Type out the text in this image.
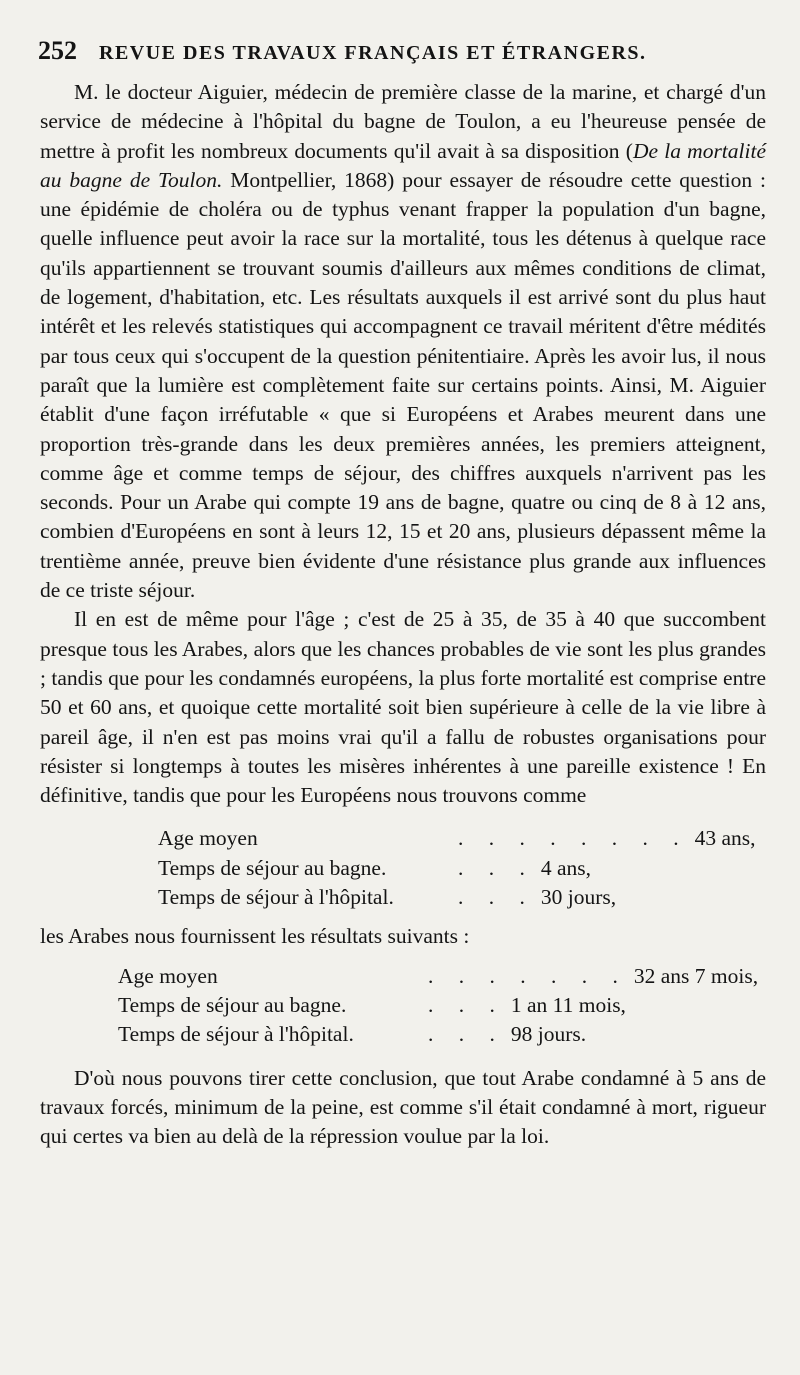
252 REVUE DES TRAVAUX FRANÇAIS ET ÉTRANGERS.

M. le docteur Aiguier, médecin de première classe de la marine, et chargé d'un service de médecine à l'hôpital du bagne de Toulon, a eu l'heureuse pensée de mettre à profit les nombreux documents qu'il avait à sa disposition (De la mortalité au bagne de Toulon. Montpellier, 1868) pour essayer de résoudre cette question : une épidémie de choléra ou de typhus venant frapper la population d'un bagne, quelle influence peut avoir la race sur la mortalité, tous les détenus à quelque race qu'ils appartiennent se trouvant soumis d'ailleurs aux mêmes conditions de climat, de logement, d'habitation, etc. Les résultats auxquels il est arrivé sont du plus haut intérêt et les relevés statistiques qui accompagnent ce travail méritent d'être médités par tous ceux qui s'occupent de la question pénitentiaire. Après les avoir lus, il nous paraît que la lumière est complètement faite sur certains points. Ainsi, M. Aiguier établit d'une façon irréfutable « que si Européens et Arabes meurent dans une proportion très-grande dans les deux premières années, les premiers atteignent, comme âge et comme temps de séjour, des chiffres auxquels n'arrivent pas les seconds. Pour un Arabe qui compte 19 ans de bagne, quatre ou cinq de 8 à 12 ans, combien d'Européens en sont à leurs 12, 15 et 20 ans, plusieurs dépassent même la trentième année, preuve bien évidente d'une résistance plus grande aux influences de ce triste séjour.

Il en est de même pour l'âge ; c'est de 25 à 35, de 35 à 40 que succombent presque tous les Arabes, alors que les chances probables de vie sont les plus grandes ; tandis que pour les condamnés européens, la plus forte mortalité est comprise entre 50 et 60 ans, et quoique cette mortalité soit bien supérieure à celle de la vie libre à pareil âge, il n'en est pas moins vrai qu'il a fallu de robustes organisations pour résister si longtemps à toutes les misères inhérentes à une pareille existence ! En définitive, tandis que pour les Européens nous trouvons comme

Age moyen	. . . . . . . . 43 ans,
Temps de séjour au bagne.	. . . 4 ans,
Temps de séjour à l'hôpital.	. . . 30 jours,

les Arabes nous fournissent les résultats suivants :

Age moyen	. . . . . . . 32 ans 7 mois,
Temps de séjour au bagne.	. . . 1 an 11 mois,
Temps de séjour à l'hôpital.	. . . 98 jours.

D'où nous pouvons tirer cette conclusion, que tout Arabe condamné à 5 ans de travaux forcés, minimum de la peine, est comme s'il était condamné à mort, rigueur qui certes va bien au delà de la répression voulue par la loi.
